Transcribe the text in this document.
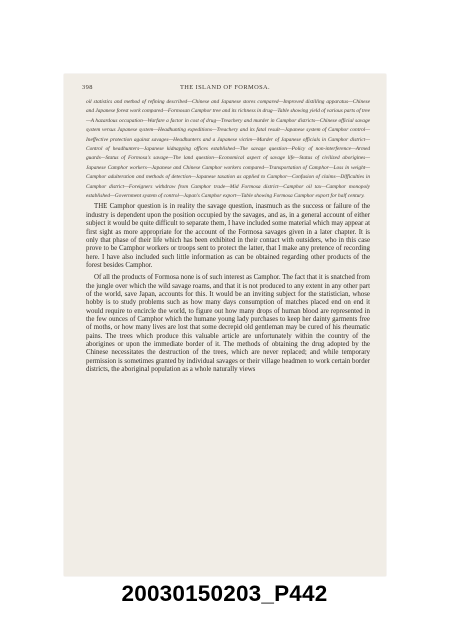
398	THE ISLAND OF FORMOSA.

oil statistics and method of refining described—Chinese and Japanese stores compared—Improved distilling apparatus—Chinese and Japanese forest work compared—Formosan Camphor tree and its richness in drug—Table showing yield of various parts of tree—A hazardous occupation—Warfare a factor in cost of drug—Treachery and murder in Camphor districts—Chinese official savage system versus Japanese system—Headhunting expeditions—Treachery and its fatal result—Japanese system of Camphor control—Ineffective protection against savages—Headhunters and a Japanese victim—Murder of Japanese officials in Camphor district—Control of headhunters—Japanese kidnapping offices established—The savage question—Policy of non-interference—Armed guards—Status of Formosa's savage—The land question—Economical aspect of savage life—Status of civilized aborigines—Japanese Camphor workers—Japanese and Chinese Camphor workers compared—Transportation of Camphor—Loss in weight—Camphor adulteration and methods of detection—Japanese taxation as applied to Camphor—Confusion of claims—Difficulties in Camphor district—Foreigners withdraw from Camphor trade—Mid Formosa district—Camphor oil tax—Camphor monopoly established—Government system of control—Japan's Camphor export—Table showing Formosa Camphor export for half century.

THE Camphor question is in reality the savage question, inasmuch as the success or failure of the industry is dependent upon the position occupied by the savages, and as, in a general account of either subject it would be quite difficult to separate them, I have included some material which may appear at first sight as more appropriate for the account of the Formosa savages given in a later chapter. It is only that phase of their life which has been exhibited in their contact with outsiders, who in this case prove to be Camphor workers or troops sent to protect the latter, that I make any pretence of recording here. I have also included such little information as can be obtained regarding other products of the forest besides Camphor.

Of all the products of Formosa none is of such interest as Camphor. The fact that it is snatched from the jungle over which the wild savage roams, and that it is not produced to any extent in any other part of the world, save Japan, accounts for this. It would be an inviting subject for the statistician, whose hobby is to study problems such as how many days consumption of matches placed end on end it would require to encircle the world, to figure out how many drops of human blood are represented in the few ounces of Camphor which the humane young lady purchases to keep her dainty garments free of moths, or how many lives are lost that some decrepid old gentleman may be cured of his rheumatic pains. The trees which produce this valuable article are unfortunately within the country of the aborigines or upon the immediate border of it. The methods of obtaining the drug adopted by the Chinese necessitates the destruction of the trees, which are never replaced; and while temporary permission is sometimes granted by individual savages or their village headmen to work certain border districts, the aboriginal population as a whole naturally views

20030150203_P442
